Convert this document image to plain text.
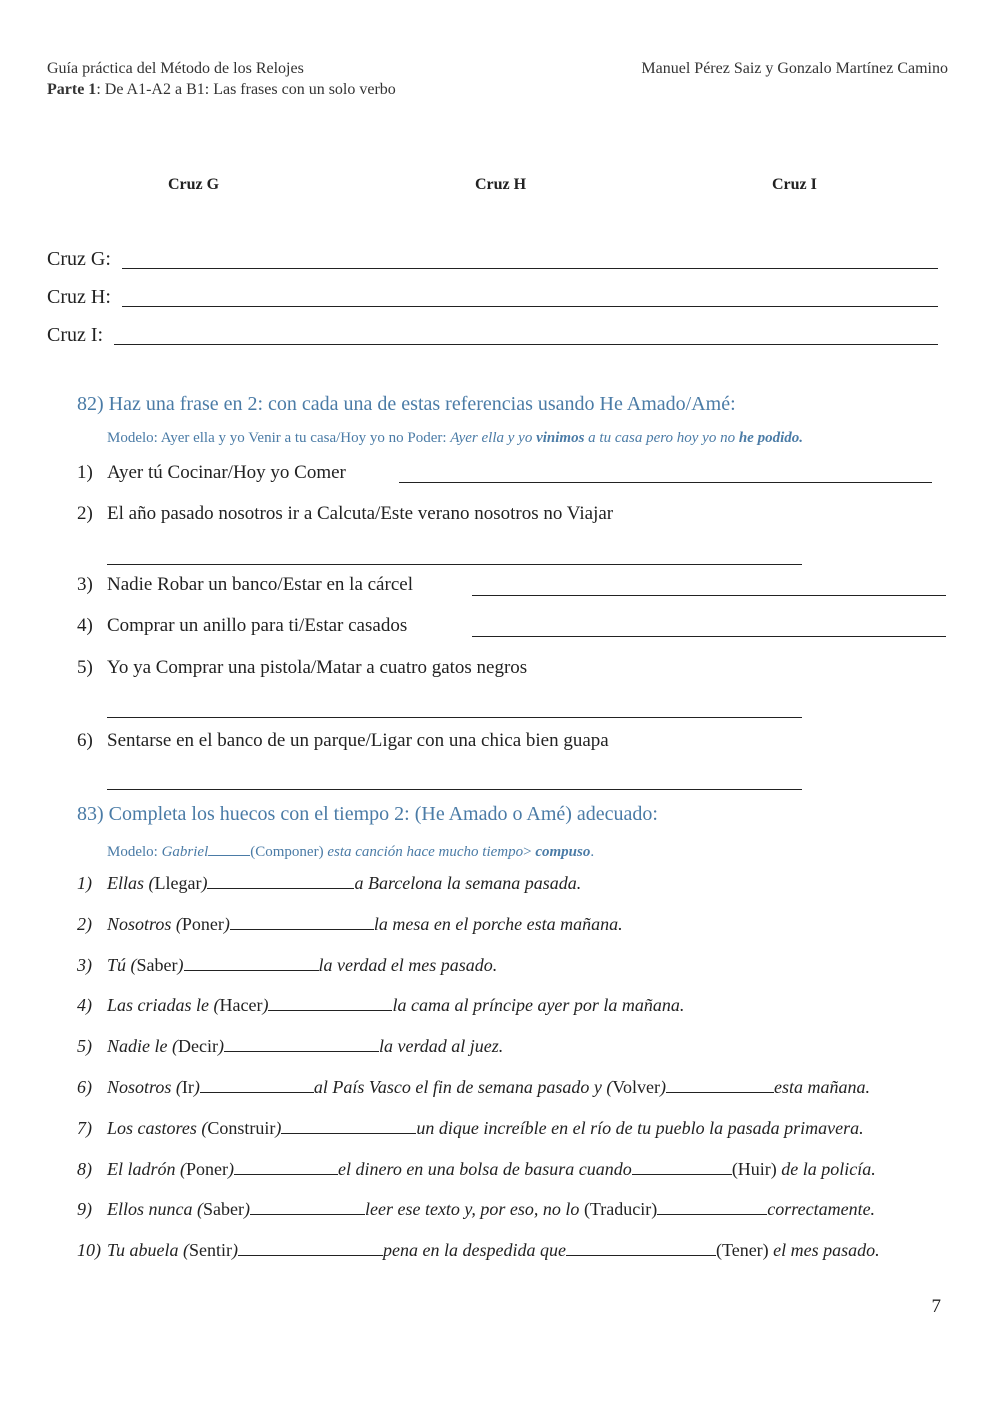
Guía práctica del Método de los Relojes
Parte 1: De A1-A2 a B1: Las frases con un solo verbo
Manuel Pérez Saiz y Gonzalo Martínez Camino
Cruz G	Cruz H	Cruz I
Cruz G:
Cruz H:
Cruz I:
82) Haz una frase en 2: con cada una de estas referencias usando He Amado/Amé:
Modelo: Ayer ella y yo Venir a tu casa/Hoy yo no Poder: Ayer ella y yo vinimos a tu casa pero hoy yo no he podido.
1) Ayer tú Cocinar/Hoy yo Comer
2) El año pasado nosotros ir a Calcuta/Este verano nosotros no Viajar
3) Nadie Robar un banco/Estar en la cárcel
4) Comprar un anillo para ti/Estar casados
5) Yo ya Comprar una pistola/Matar a cuatro gatos negros
6) Sentarse en el banco de un parque/Ligar con una chica bien guapa
83) Completa los huecos con el tiempo 2: (He Amado o Amé) adecuado:
Modelo: Gabriel	(Componer) esta canción hace mucho tiempo> compuso.
1) Ellas (Llegar)	a Barcelona la semana pasada.
2) Nosotros (Poner)	la mesa en el porche esta mañana.
3) Tú (Saber)	la verdad el mes pasado.
4) Las criadas le (Hacer)	la cama al príncipe ayer por la mañana.
5) Nadie le (Decir)	la verdad al juez.
6) Nosotros (Ir)	al País Vasco el fin de semana pasado y (Volver)	esta mañana.
7) Los castores (Construir)	un dique increíble en el río de tu pueblo la pasada primavera.
8) El ladrón (Poner)	el dinero en una bolsa de basura cuando	(Huir) de la policía.
9) Ellos nunca (Saber)	leer ese texto y, por eso, no lo (Traducir)	correctamente.
10) Tu abuela (Sentir)	pena en la despedida que	(Tener) el mes pasado.
7
